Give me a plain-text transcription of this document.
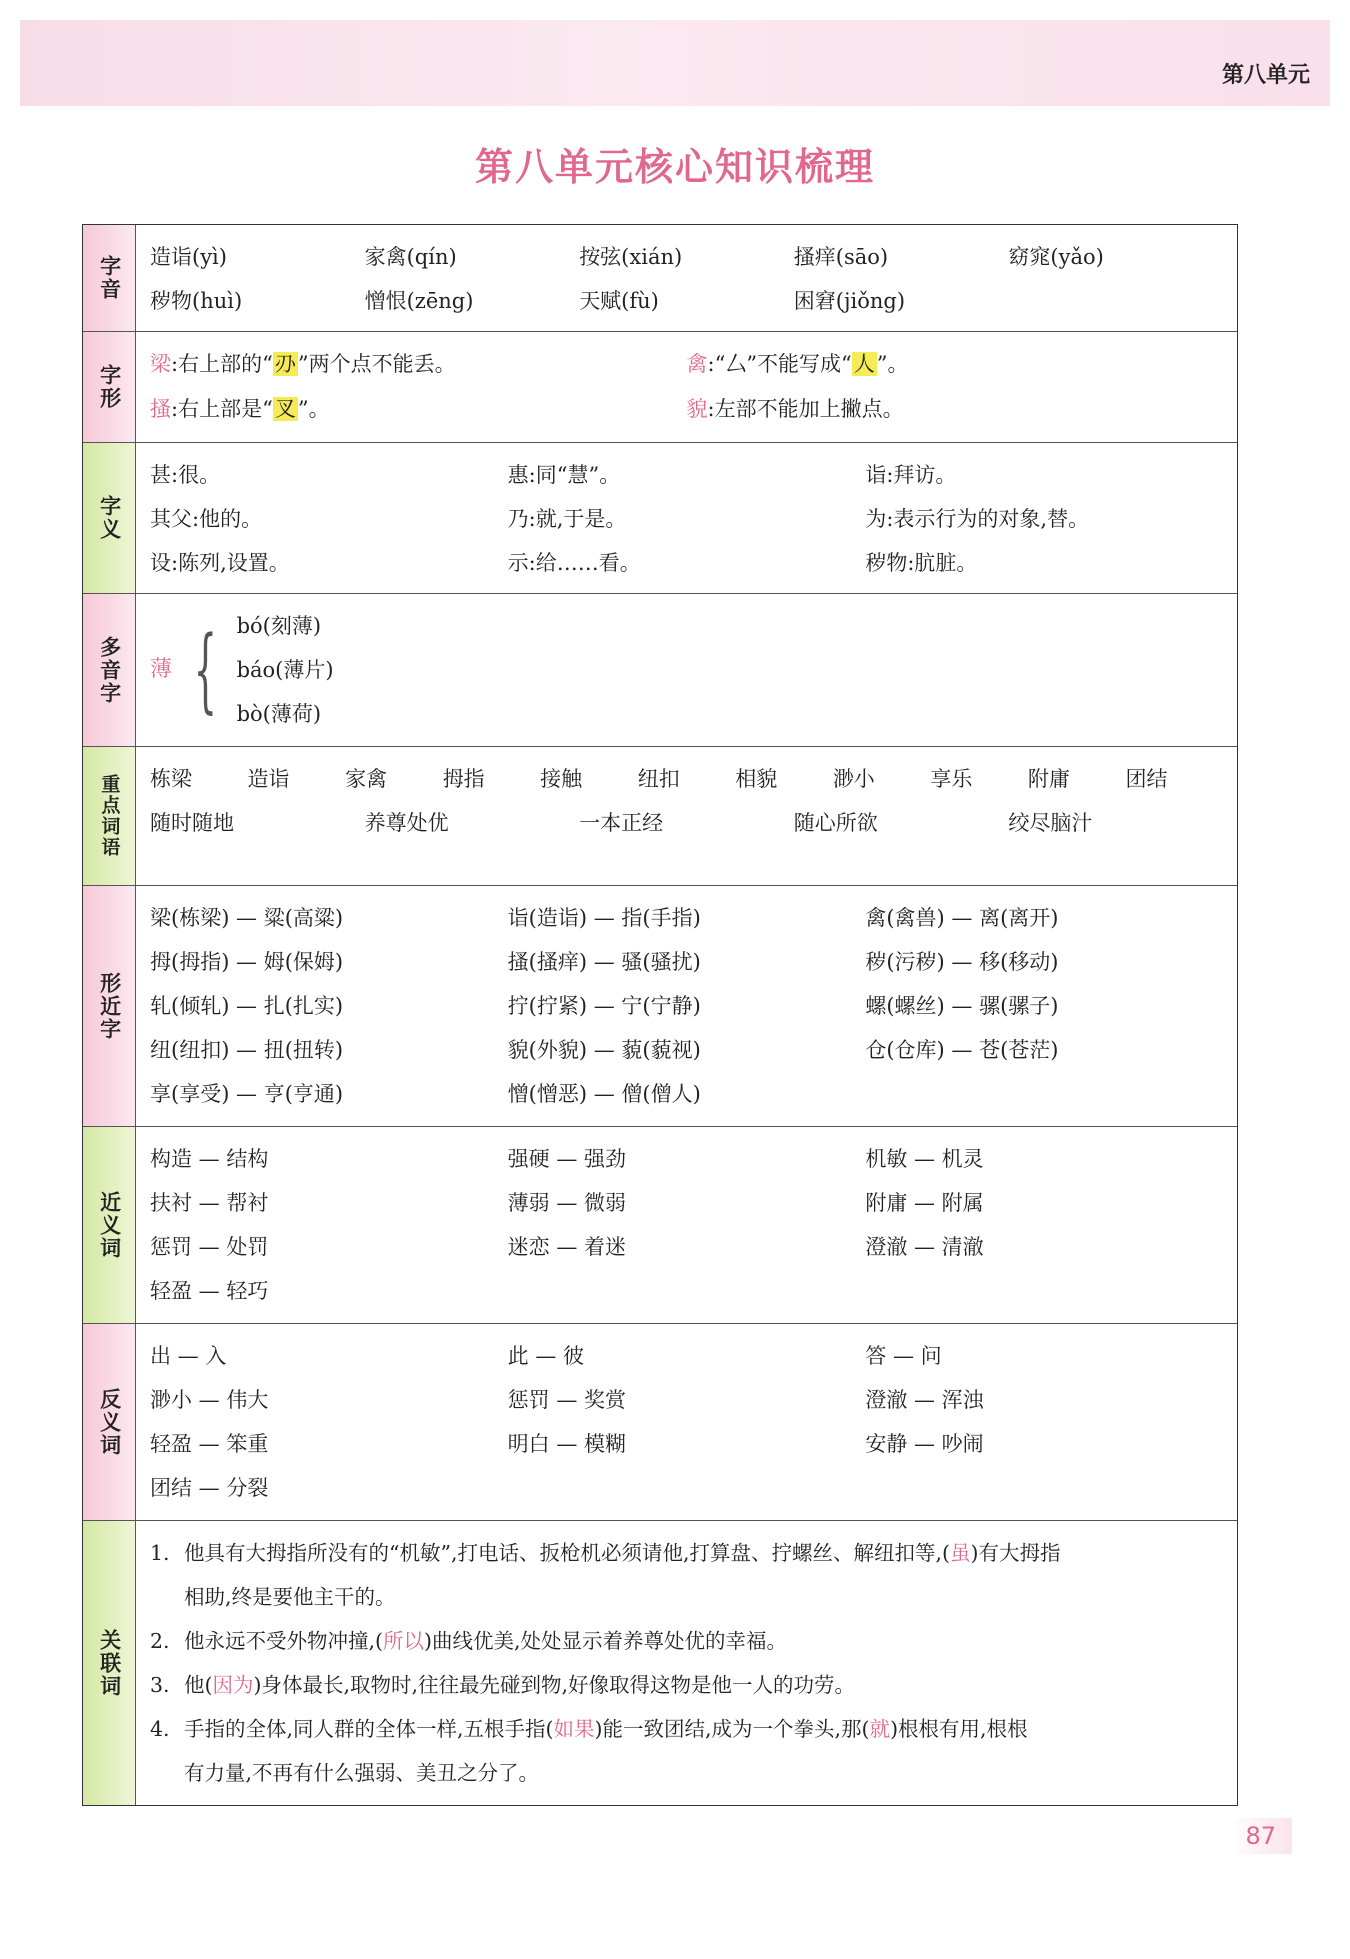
第八单元
第八单元核心知识梳理
字音	造诣(yì)	家禽(qín)	按弦(xián)	搔痒(sāo)	窈窕(yǎo)
秽物(huì)	憎恨(zēng)	天赋(fù)	困窘(jiǒng)
字形	梁:右上部的“刅”两个点不能丢。	禽:“厶”不能写成“人”。
搔:右上部是“叉”。	貌:左部不能加上撇点。
字义
甚:很。	惠:同“慧”。	诣:拜访。
其父:他的。	乃:就,于是。	为:表示行为的对象,替。
设:陈列,设置。	示:给……看。	秽物:肮脏。
多音字	薄 { bó(刻薄)
báo(薄片)
bò(薄荷)
重点词语	栋梁	造诣	家禽	拇指	接触	纽扣	相貌	渺小	享乐	附庸	团结
随时随地	养尊处优	一本正经	随心所欲	绞尽脑汁
形近字
梁(栋梁) — 粱(高粱)	诣(造诣) — 指(手指)	禽(禽兽) — 离(离开)
拇(拇指) — 姆(保姆)	搔(搔痒) — 骚(骚扰)	秽(污秽) — 移(移动)
轧(倾轧) — 扎(扎实)	拧(拧紧) — 宁(宁静)	螺(螺丝) — 骡(骡子)
纽(纽扣) — 扭(扭转)	貌(外貌) — 藐(藐视)	仓(仓库) — 苍(苍茫)
享(享受) — 亨(亨通)	憎(憎恶) — 僧(僧人)
近义词
构造 — 结构	强硬 — 强劲	机敏 — 机灵
扶衬 — 帮衬	薄弱 — 微弱	附庸 — 附属
惩罚 — 处罚	迷恋 — 着迷	澄澈 — 清澈
轻盈 — 轻巧
反义词
出 — 入	此 — 彼	答 — 问
渺小 — 伟大	惩罚 — 奖赏	澄澈 — 浑浊
轻盈 — 笨重	明白 — 模糊	安静 — 吵闹
团结 — 分裂
关联词
1. 他具有大拇指所没有的“机敏”,打电话、扳枪机必须请他,打算盘、拧螺丝、解纽扣等,(虽)有大拇指
相助,终是要他主干的。
2. 他永远不受外物冲撞,(所以)曲线优美,处处显示着养尊处优的幸福。
3. 他(因为)身体最长,取物时,往往最先碰到物,好像取得这物是他一人的功劳。
4. 手指的全体,同人群的全体一样,五根手指(如果)能一致团结,成为一个拳头,那(就)根根有用,根根
有力量,不再有什么强弱、美丑之分了。
87
